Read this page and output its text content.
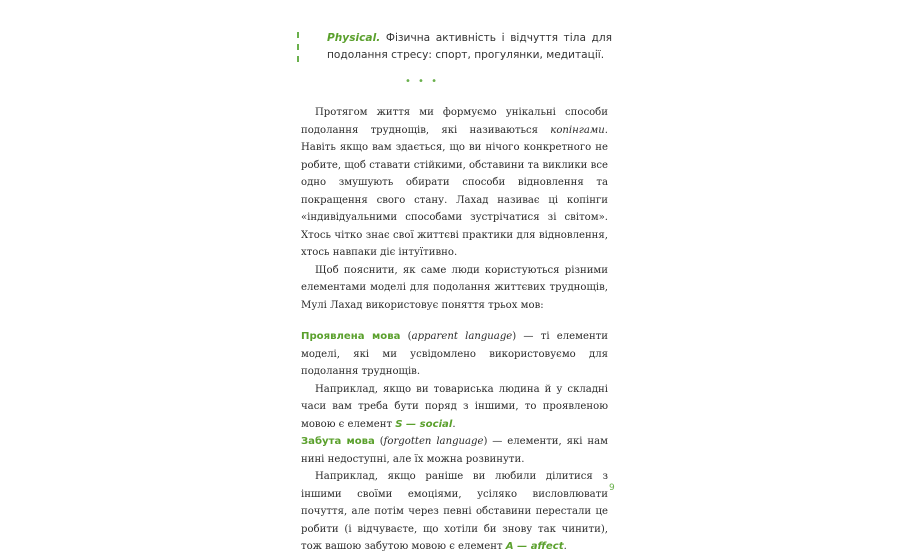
Physical. Фізична активність і відчуття тіла для подолання стресу: спорт, прогулянки, медитації.
• • •

Протягом життя ми формуємо унікальні способи подолання труднощів, які називаються копінгами. Навіть якщо вам здається, що ви нічого конкретного не робите, щоб ставати стійкими, обставини та виклики все одно змушують обирати способи відновлення та покращення свого стану. Лахад називає ці копінги «індивідуальними способами зустрічатися зі світом». Хтось чітко знає свої життєві практики для відновлення, хтось навпаки діє інтуїтивно.

Щоб пояснити, як саме люди користуються різними елементами моделі для подолання життєвих труднощів, Мулі Лахад використовує поняття трьох мов:

Проявлена мова (apparent language) — ті елементи моделі, які ми усвідомлено використовуємо для подолання труднощів.

Наприклад, якщо ви товариська людина й у складні часи вам треба бути поряд з іншими, то проявленою мовою є елемент S — social.

Забута мова (forgotten language) — елементи, які нам нині недоступні, але їх можна розвинути.

Наприклад, якщо раніше ви любили ділитися з іншими своїми емоціями, усіляко висловлювати почуття, але потім через певні обставини перестали це робити (і відчуваєте, що хотіли би знову так чинити), тож вашою забутою мовою є елемент A — affect.

9
